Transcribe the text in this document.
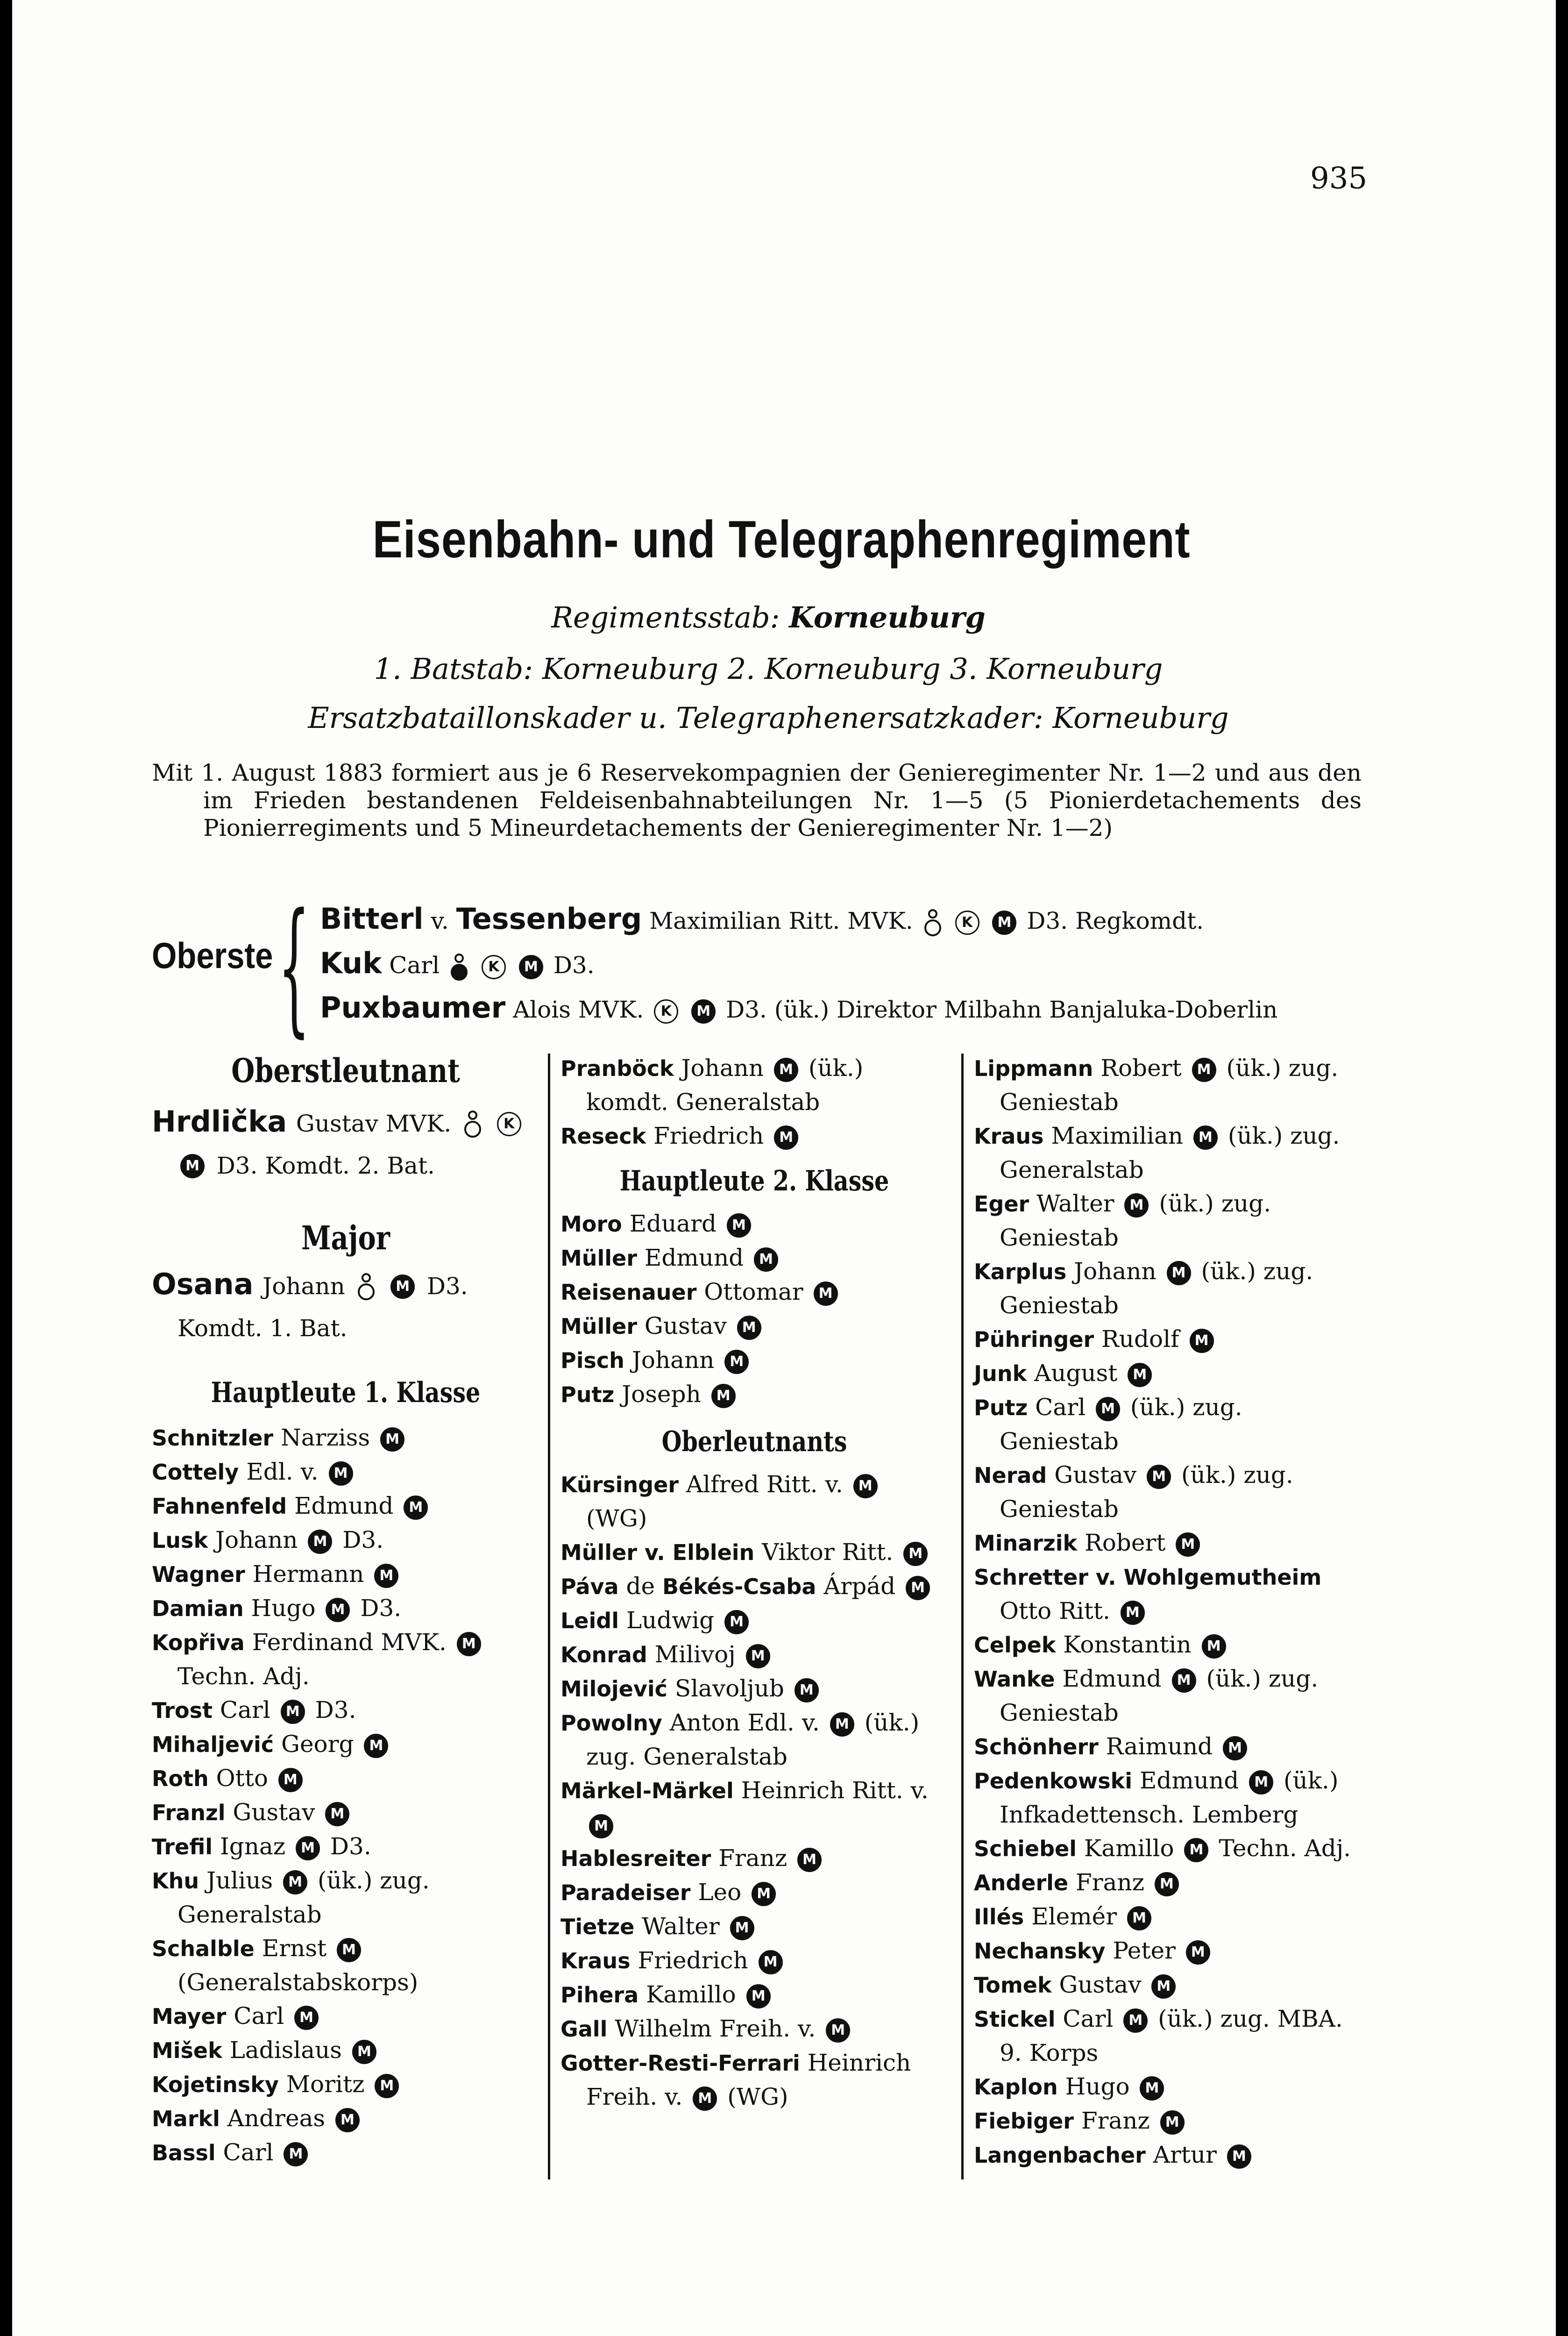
935
Eisenbahn- und Telegraphenregiment
Regimentsstab: Korneuburg
1. Batstab: Korneuburg 2. Korneuburg 3. Korneuburg
Ersatzbataillonskader u. Telegraphenersatzkader: Korneuburg

Mit 1. August 1883 formiert aus je 6 Reservekompagnien der Genieregimenter Nr. 1—2 und aus den im Frieden bestandenen Feldeisenbahnabteilungen Nr. 1—5 (5 Pionierdetachements des Pionierregiments und 5 Mineurdetachements der Genieregimenter Nr. 1—2)

Oberste { Bitterl v. Tessenberg Maximilian Ritt. MVK.	K M D3. Regkomdt.
Kuk Carl	K M D3.
Puxbaumer Alois MVK. K M D3. (ük.) Direktor Milbahn Banjaluka-Doberlin
Oberstleutnant

Hrdlička Gustav MVK.	K M D3. Komdt. 2. Bat.

Major

Osana Johann	M D3. Komdt. 1. Bat.

Hauptleute 1. Klasse

Schnitzler Narziss M

Cottely Edl. v. M

Fahnenfeld Edmund M

Lusk Johann M D3.

Wagner Hermann M

Damian Hugo M D3.

Kopřiva Ferdinand MVK. M Techn. Adj.

Trost Carl M D3.

Mihaljević Georg M

Roth Otto M

Franzl Gustav M

Trefil Ignaz M D3.

Khu Julius M (ük.) zug. Generalstab

Schalble Ernst M (Generalstabskorps)

Mayer Carl M

Mišek Ladislaus M

Kojetinsky Moritz M

Markl Andreas M

Bassl Carl M

Pranböck Johann M (ük.) komdt. Generalstab

Reseck Friedrich M

Hauptleute 2. Klasse

Moro Eduard M

Müller Edmund M

Reisenauer Ottomar M

Müller Gustav M

Pisch Johann M

Putz Joseph M

Oberleutnants

Kürsinger Alfred Ritt. v. M (WG)

Müller v. Elblein Viktor Ritt. M

Páva de Békés-Csaba Árpád M

Leidl Ludwig M

Konrad Milivoj M

Milojević Slavoljub M

Powolny Anton Edl. v. M (ük.) zug. Generalstab

Märkel-Märkel Heinrich Ritt. v. M

Hablesreiter Franz M

Paradeiser Leo M

Tietze Walter M

Kraus Friedrich M

Pihera Kamillo M

Gall Wilhelm Freih. v. M

Gotter-Resti-Ferrari Heinrich Freih. v. M (WG)

Lippmann Robert M (ük.) zug. Geniestab

Kraus Maximilian M (ük.) zug. Generalstab

Eger Walter M (ük.) zug. Geniestab

Karplus Johann M (ük.) zug. Geniestab

Pühringer Rudolf M

Junk August M

Putz Carl M (ük.) zug. Geniestab

Nerad Gustav M (ük.) zug. Geniestab

Minarzik Robert M

Schretter v. Wohlgemutheim Otto Ritt. M

Celpek Konstantin M

Wanke Edmund M (ük.) zug. Geniestab

Schönherr Raimund M

Pedenkowski Edmund M (ük.) Infkadettensch. Lemberg

Schiebel Kamillo M Techn. Adj.

Anderle Franz M

Illés Elemér M

Nechansky Peter M

Tomek Gustav M

Stickel Carl M (ük.) zug. MBA. 9. Korps

Kaplon Hugo M

Fiebiger Franz M

Langenbacher Artur M
